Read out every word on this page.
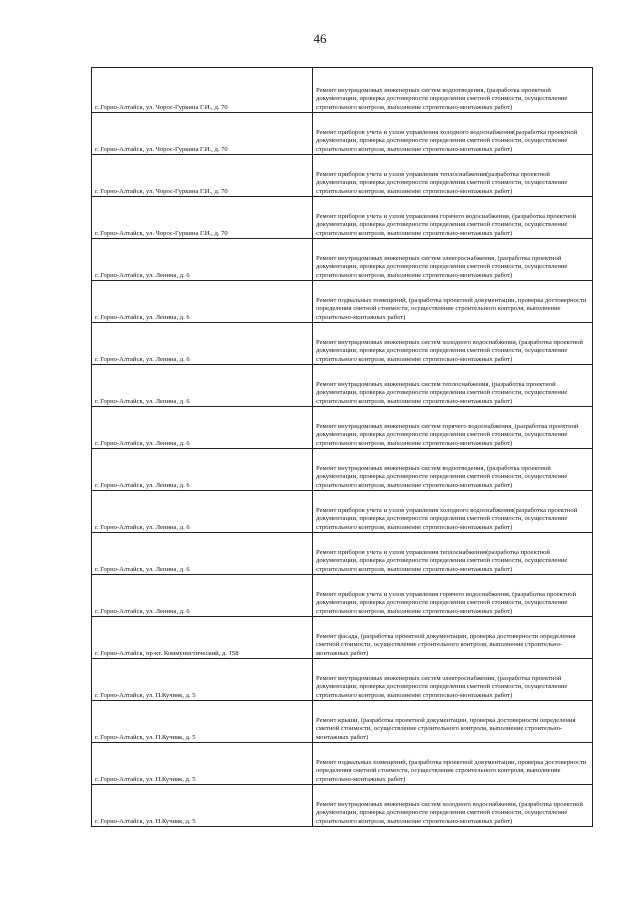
46
г. Горно-Алтайск, ул. Чорос-Гуркина Г.И., д. 70	Ремонт внутридомовых инженерных систем водоотведения, (разработка проектной документации, проверка достоверности определения сметной стоимости, осуществление строительного контроля, выполнение строительно-монтажных работ)
г. Горно-Алтайск, ул. Чорос-Гуркина Г.И., д. 70	Ремонт приборов учета и узлов управления холодного водоснабжения(разработка проектной документации, проверка достоверности определения сметной стоимости, осуществление строительного контроля, выполнение строительно-монтажных работ)
г. Горно-Алтайск, ул. Чорос-Гуркина Г.И., д. 70	Ремонт приборов учета и узлов управления теплоснабжения(разработка проектной документации, проверка достоверности определения сметной стоимости, осуществление строительного контроля, выполнение строительно-монтажных работ)
г. Горно-Алтайск, ул. Чорос-Гуркина Г.И., д. 70	Ремонт приборов учета и узлов управления горячего водоснабжения, (разработка проектной документации, проверка достоверности определения сметной стоимости, осуществление строительного контроля, выполнение строительно-монтажных работ)
г. Горно-Алтайск, ул. Ленина, д. 6	Ремонт внутридомовых инженерных систем электроснабжения, (разработка проектной документации, проверка достоверности определения сметной стоимости, осуществление строительного контроля, выполнение строительно-монтажных работ)
г. Горно-Алтайск, ул. Ленина, д. 6	Ремонт подвальных помещений, (разработка проектной документации, проверка достоверности определения сметной стоимости, осуществление строительного контроля, выполнение строительно-монтажных работ)
г. Горно-Алтайск, ул. Ленина, д. 6	Ремонт внутридомовых инженерных систем холодного водоснабжения, (разработка проектной документации, проверка достоверности определения сметной стоимости, осуществление строительного контроля, выполнение строительно-монтажных работ)
г. Горно-Алтайск, ул. Ленина, д. 6	Ремонт внутридомовых инженерных систем теплоснабжения, (разработка проектной документации, проверка достоверности определения сметной стоимости, осуществление строительного контроля, выполнение строительно-монтажных работ)
г. Горно-Алтайск, ул. Ленина, д. 6	Ремонт внутридомовых инженерных систем горячего водоснабжения, (разработка проектной документации, проверка достоверности определения сметной стоимости, осуществление строительного контроля, выполнение строительно-монтажных работ)
г. Горно-Алтайск, ул. Ленина, д. 6	Ремонт внутридомовых инженерных систем водоотведения, (разработка проектной документации, проверка достоверности определения сметной стоимости, осуществление строительного контроля, выполнение строительно-монтажных работ)
г. Горно-Алтайск, ул. Ленина, д. 6	Ремонт приборов учета и узлов управления холодного водоснабжения(разработка проектной документации, проверка достоверности определения сметной стоимости, осуществление строительного контроля, выполнение строительно-монтажных работ)
г. Горно-Алтайск, ул. Ленина, д. 6	Ремонт приборов учета и узлов управления теплоснабжения(разработка проектной документации, проверка достоверности определения сметной стоимости, осуществление строительного контроля, выполнение строительно-монтажных работ)
г. Горно-Алтайск, ул. Ленина, д. 6	Ремонт приборов учета и узлов управления горячего водоснабжения, (разработка проектной документации, проверка достоверности определения сметной стоимости, осуществление строительного контроля, выполнение строительно-монтажных работ)
г. Горно-Алтайск, пр-кт. Коммунистический, д. 158	Ремонт фасада, (разработка проектной документации, проверка достоверности определения сметной стоимости, осуществление строительного контроля, выполнение строительно-монтажных работ)
г. Горно-Алтайск, ул. П.Кучияк, д. 5	Ремонт внутридомовых инженерных систем электроснабжения, (разработка проектной документации, проверка достоверности определения сметной стоимости, осуществление строительного контроля, выполнение строительно-монтажных работ)
г. Горно-Алтайск, ул. П.Кучияк, д. 5	Ремонт крыши, (разработка проектной документации, проверка достоверности определения сметной стоимости, осуществление строительного контроля, выполнение строительно-монтажных работ)
г. Горно-Алтайск, ул. П.Кучияк, д. 5	Ремонт подвальных помещений, (разработка проектной документации, проверка достоверности определения сметной стоимости, осуществление строительного контроля, выполнение строительно-монтажных работ)
г. Горно-Алтайск, ул. П.Кучияк, д. 5	Ремонт внутридомовых инженерных систем холодного водоснабжения, (разработка проектной документации, проверка достоверности определения сметной стоимости, осуществление строительного контроля, выполнение строительно-монтажных работ)
